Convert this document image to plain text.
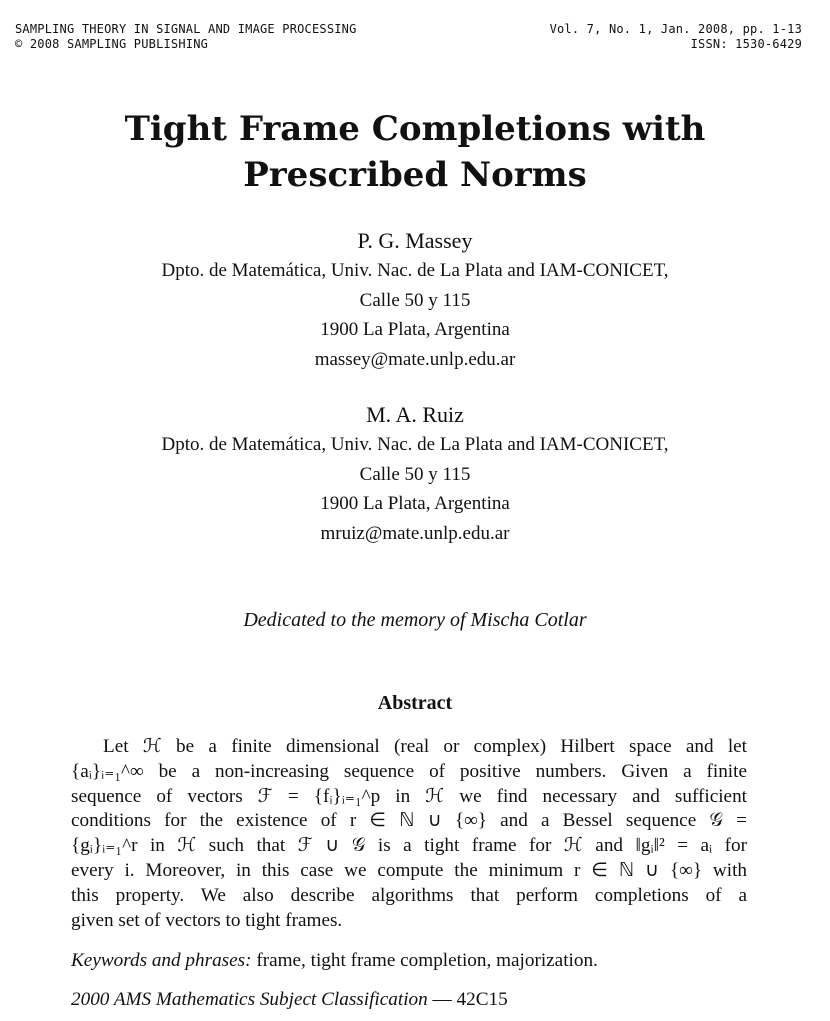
SAMPLING THEORY IN SIGNAL AND IMAGE PROCESSING
© 2008 SAMPLING PUBLISHING
Vol. 7, No. 1, Jan. 2008, pp. 1-13
ISSN: 1530-6429
Tight Frame Completions with Prescribed Norms
P. G. Massey
Dpto. de Matemática, Univ. Nac. de La Plata and IAM-CONICET,
Calle 50 y 115
1900 La Plata, Argentina
massey@mate.unlp.edu.ar
M. A. Ruiz
Dpto. de Matemática, Univ. Nac. de La Plata and IAM-CONICET,
Calle 50 y 115
1900 La Plata, Argentina
mruiz@mate.unlp.edu.ar
Dedicated to the memory of Mischa Cotlar
Abstract
Let ℋ be a finite dimensional (real or complex) Hilbert space and let
{aᵢ}ᵢ₌₁^∞ be a non-increasing sequence of positive numbers. Given a finite
sequence of vectors ℱ = {fᵢ}ᵢ₌₁^p in ℋ we find necessary and sufficient
conditions for the existence of r ∈ ℕ ∪ {∞} and a Bessel sequence 𝒢 =
{gᵢ}ᵢ₌₁^r in ℋ such that ℱ ∪ 𝒢 is a tight frame for ℋ and ‖gᵢ‖² = aᵢ for
every i. Moreover, in this case we compute the minimum r ∈ ℕ ∪ {∞} with
this property. We also describe algorithms that perform completions of a
given set of vectors to tight frames.
Keywords and phrases: frame, tight frame completion, majorization.
2000 AMS Mathematics Subject Classification — 42C15
